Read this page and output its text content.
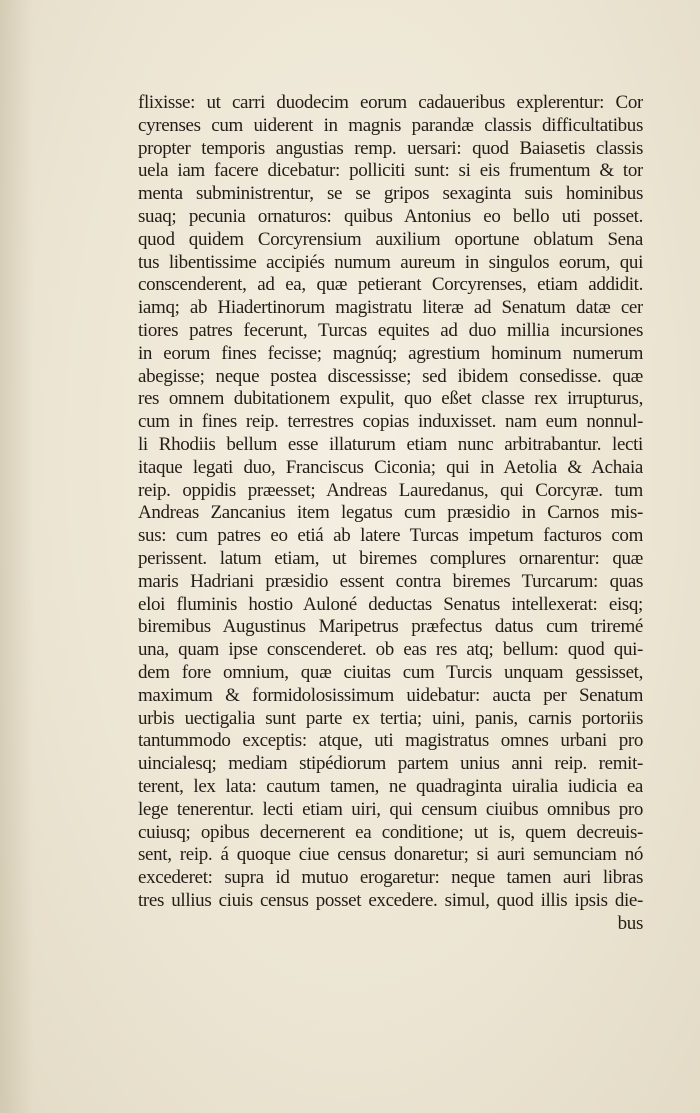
flixisse: ut carri duodecim eorum cadaueribus explerentur: Cor
cyrenses cum uiderent in magnis parandæ classis difficultatibus
propter temporis angustias remp. uersari: quod Baiasetis classis
uela iam facere dicebatur: polliciti sunt: si eis frumentum & tor
menta subministrentur, se se gripos sexaginta suis hominibus
suaq; pecunia ornaturos: quibus Antonius eo bello uti posset.
quod quidem Corcyrensium auxilium oportune oblatum Sena
tus libentissime accipiés numum aureum in singulos eorum, qui
conscenderent, ad ea, quæ petierant Corcyrenses, etiam addidit.
iamq; ab Hiadertinorum magistratu literæ ad Senatum datæ cer
tiores patres fecerunt, Turcas equites ad duo millia incursiones
in eorum fines fecisse; magnúq; agrestium hominum numerum
abegisse; neque postea discessisse; sed ibidem consedisse. quæ
res omnem dubitationem expulit, quo eßet classe rex irrupturus,
cum in fines reip. terrestres copias induxisset. nam eum nonnul-
li Rhodiis bellum esse illaturum etiam nunc arbitrabantur. lecti
itaque legati duo, Franciscus Ciconia; qui in Aetolia & Achaia
reip. oppidis præesset; Andreas Lauredanus, qui Corcyræ. tum
Andreas Zancanius item legatus cum præsidio in Carnos mis-
sus: cum patres eo etiá ab latere Turcas impetum facturos com
perissent. latum etiam, ut biremes complures ornarentur: quæ
maris Hadriani præsidio essent contra biremes Turcarum: quas
eloi fluminis hostio Auloné deductas Senatus intellexerat: eisq;
biremibus Augustinus Maripetrus præfectus datus cum triremé
una, quam ipse conscenderet. ob eas res atq; bellum: quod qui-
dem fore omnium, quæ ciuitas cum Turcis unquam gessisset,
maximum & formidolosissimum uidebatur: aucta per Senatum
urbis uectigalia sunt parte ex tertia; uini, panis, carnis portoriis
tantummodo exceptis: atque, uti magistratus omnes urbani pro
uincialesq; mediam stipédiorum partem unius anni reip. remit-
terent, lex lata: cautum tamen, ne quadraginta uiralia iudicia ea
lege tenerentur. lecti etiam uiri, qui censum ciuibus omnibus pro
cuiusq; opibus decernerent ea conditione; ut is, quem decreuis-
sent, reip. á quoque ciue census donaretur; si auri semunciam nó
excederet: supra id mutuo erogaretur: neque tamen auri libras
tres ullius ciuis census posset excedere. simul, quod illis ipsis die-
bus
